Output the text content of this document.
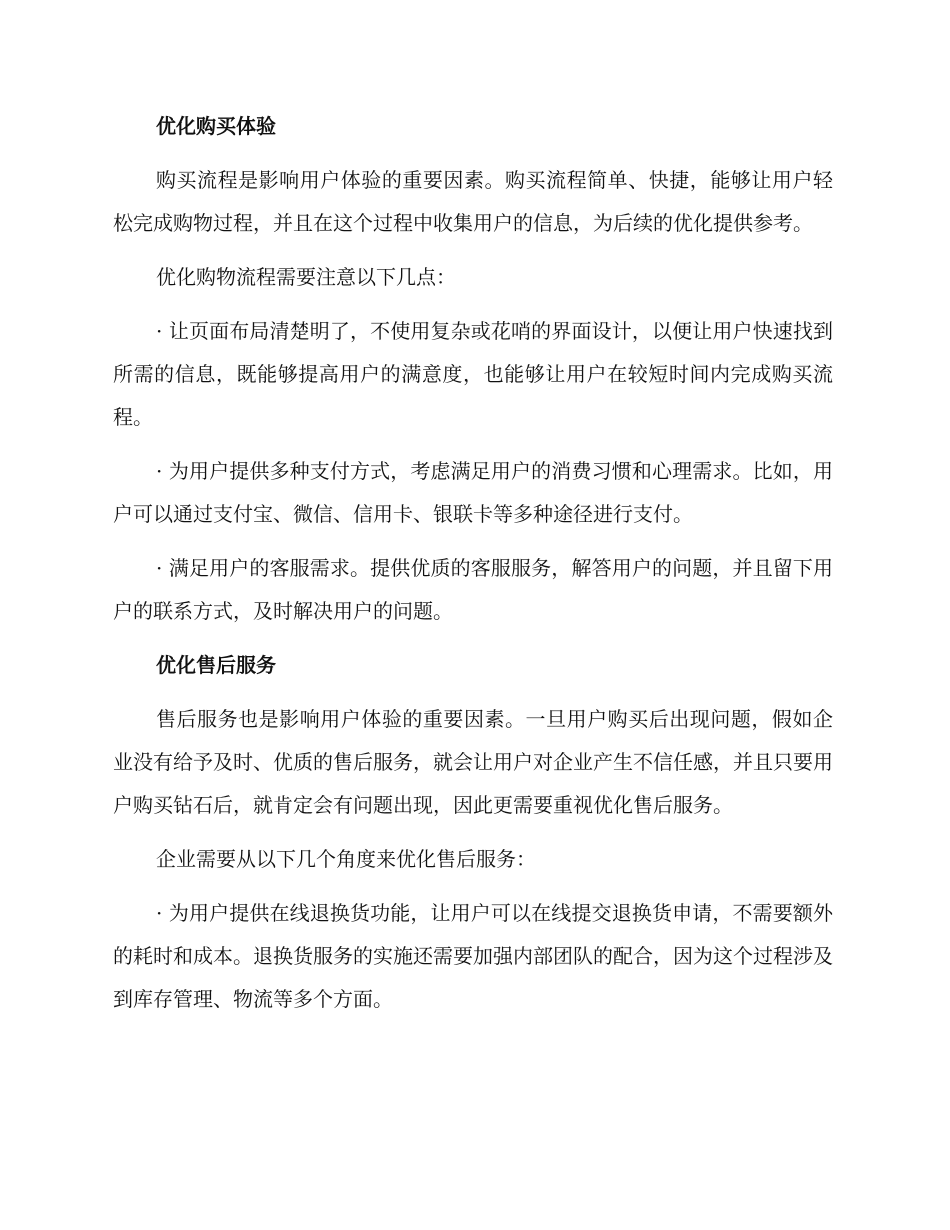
优化购买体验

购买流程是影响用户体验的重要因素。购买流程简单、快捷，能够让用户轻松完成购物过程，并且在这个过程中收集用户的信息，为后续的优化提供参考。

优化购物流程需要注意以下几点：

· 让页面布局清楚明了，不使用复杂或花哨的界面设计，以便让用户快速找到所需的信息，既能够提高用户的满意度，也能够让用户在较短时间内完成购买流程。

· 为用户提供多种支付方式，考虑满足用户的消费习惯和心理需求。比如，用户可以通过支付宝、微信、信用卡、银联卡等多种途径进行支付。

· 满足用户的客服需求。提供优质的客服服务，解答用户的问题，并且留下用户的联系方式，及时解决用户的问题。

优化售后服务

售后服务也是影响用户体验的重要因素。一旦用户购买后出现问题，假如企业没有给予及时、优质的售后服务，就会让用户对企业产生不信任感，并且只要用户购买钻石后，就肯定会有问题出现，因此更需要重视优化售后服务。

企业需要从以下几个角度来优化售后服务：

· 为用户提供在线退换货功能，让用户可以在线提交退换货申请，不需要额外的耗时和成本。退换货服务的实施还需要加强内部团队的配合，因为这个过程涉及到库存管理、物流等多个方面。
